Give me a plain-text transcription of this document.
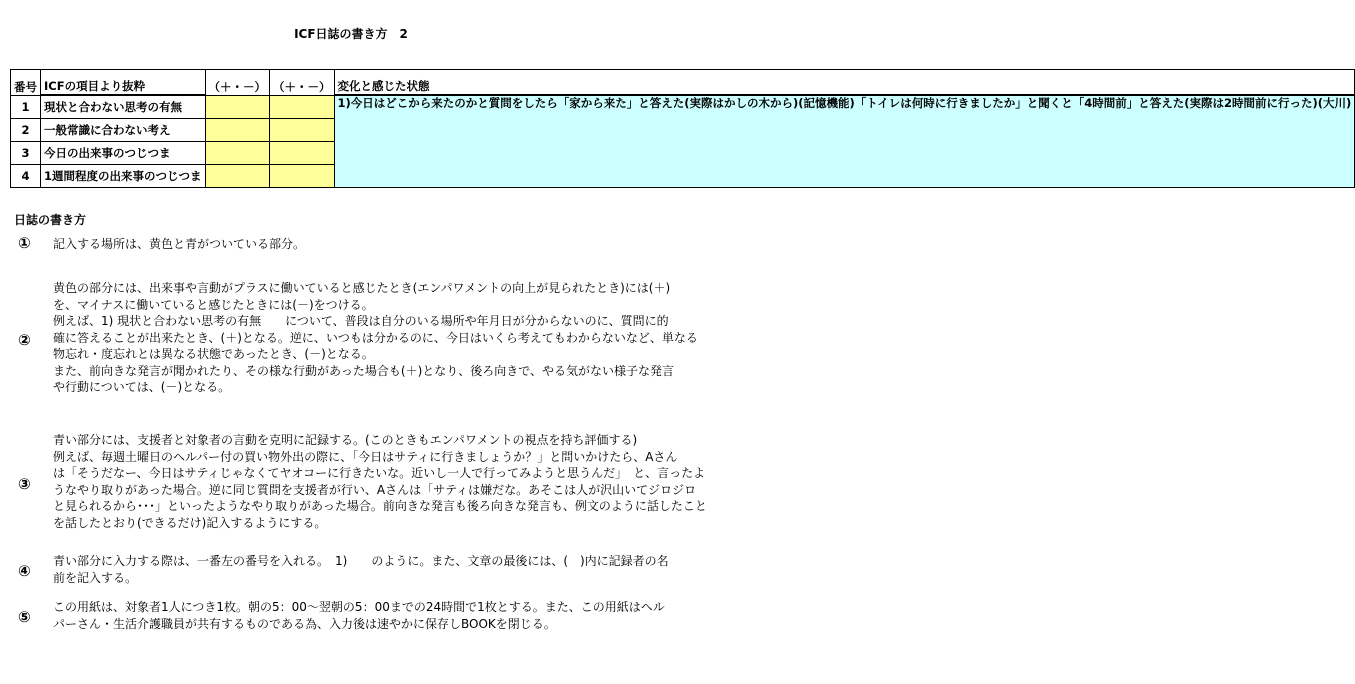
ICF日誌の書き方　2
番号	ICFの項目より抜粋	（＋・－）	（＋・－）	変化と感じた状態
1	現状と合わない思考の有無			1)今日はどこから来たのかと質問をしたら「家から来た」と答えた(実際はかしの木から)(記憶機能)「トイレは何時に行きましたか」と聞くと「4時間前」と答えた(実際は2時間前に行った)(大川)
2	一般常識に合わない考え			
3	今日の出来事のつじつま			
4	1週間程度の出来事のつじつま			
日誌の書き方
① 記入する場所は、黄色と青がついている部分。
②
黄色の部分には、出来事や言動がプラスに働いていると感じたとき(エンパワメントの向上が見られたとき)には(＋)
を、マイナスに働いていると感じたときには(－)をつける。
例えば、1) 現状と合わない思考の有無　　について、普段は自分のいる場所や年月日が分からないのに、質問に的
確に答えることが出来たとき、(＋)となる。逆に、いつもは分かるのに、今日はいくら考えてもわからないなど、単なる
物忘れ・度忘れとは異なる状態であったとき、(－)となる。
また、前向きな発言が聞かれたり、その様な行動があった場合も(＋)となり、後ろ向きで、やる気がない様子な発言
や行動については、(－)となる。
③
青い部分には、支援者と対象者の言動を克明に記録する。(このときもエンパワメントの視点を持ち評価する)
例えば、毎週土曜日のヘルパー付の買い物外出の際に、「今日はサティに行きましょうか？」と問いかけたら、Aさん
は「そうだなー、今日はサティじゃなくてヤオコーに行きたいな。近いし一人で行ってみようと思うんだ」　と、言ったよ
うなやり取りがあった場合。逆に同じ質問を支援者が行い、Aさんは「サティは嫌だな。あそこは人が沢山いてジロジロ
と見られるから･･･」といったようなやり取りがあった場合。前向きな発言も後ろ向きな発言も、例文のように話したこと
を話したとおり(できるだけ)記入するようにする。
④
青い部分に入力する際は、一番左の番号を入れる。　1)　　のように。また、文章の最後には、(　)内に記録者の名
前を記入する。
⑤
この用紙は、対象者1人につき1枚。朝の5：00～翌朝の5：00までの24時間で1枚とする。また、この用紙はヘル
パーさん・生活介護職員が共有するものである為、入力後は速やかに保存しBOOKを閉じる。
